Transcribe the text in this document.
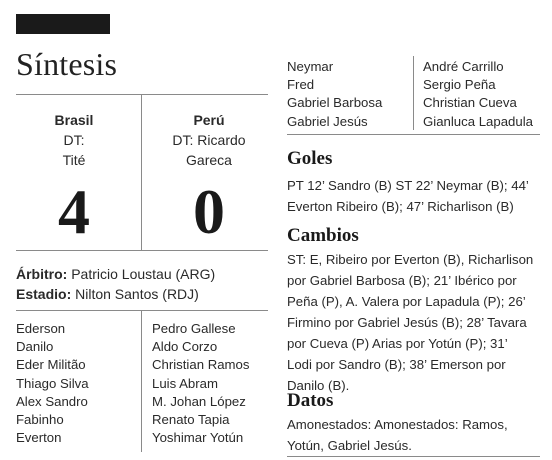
Síntesis
Brasil
DT:
Tité
4
Perú
DT: Ricardo
Gareca
0
Árbitro: Patricio Loustau (ARG)
Estadio: Nilton Santos (RDJ)
Ederson
Danilo
Eder Militão
Thiago Silva
Alex Sandro
Fabinho
Everton
Pedro Gallese
Aldo Corzo
Christian Ramos
Luis Abram
M. Johan López
Renato Tapia
Yoshimar Yotún
Neymar
Fred
Gabriel Barbosa
Gabriel Jesús
André Carrillo
Sergio Peña
Christian Cueva
Gianluca Lapadula
Goles
PT 12’ Sandro (B) ST 22’ Neymar (B); 44’
Everton Ribeiro (B); 47’ Richarlison (B)
Cambios
ST: E, Ribeiro por Everton (B), Richarlison
por Gabriel Barbosa (B); 21’ Ibérico por
Peña (P), A. Valera por Lapadula (P); 26’
Firmino por Gabriel Jesús (B); 28’ Tavara
por Cueva (P) Arias por Yotún (P); 31’
Lodi por Sandro (B); 38’ Emerson por
Danilo (B).
Datos
Amonestados: Amonestados: Ramos,
Yotún, Gabriel Jesús.
